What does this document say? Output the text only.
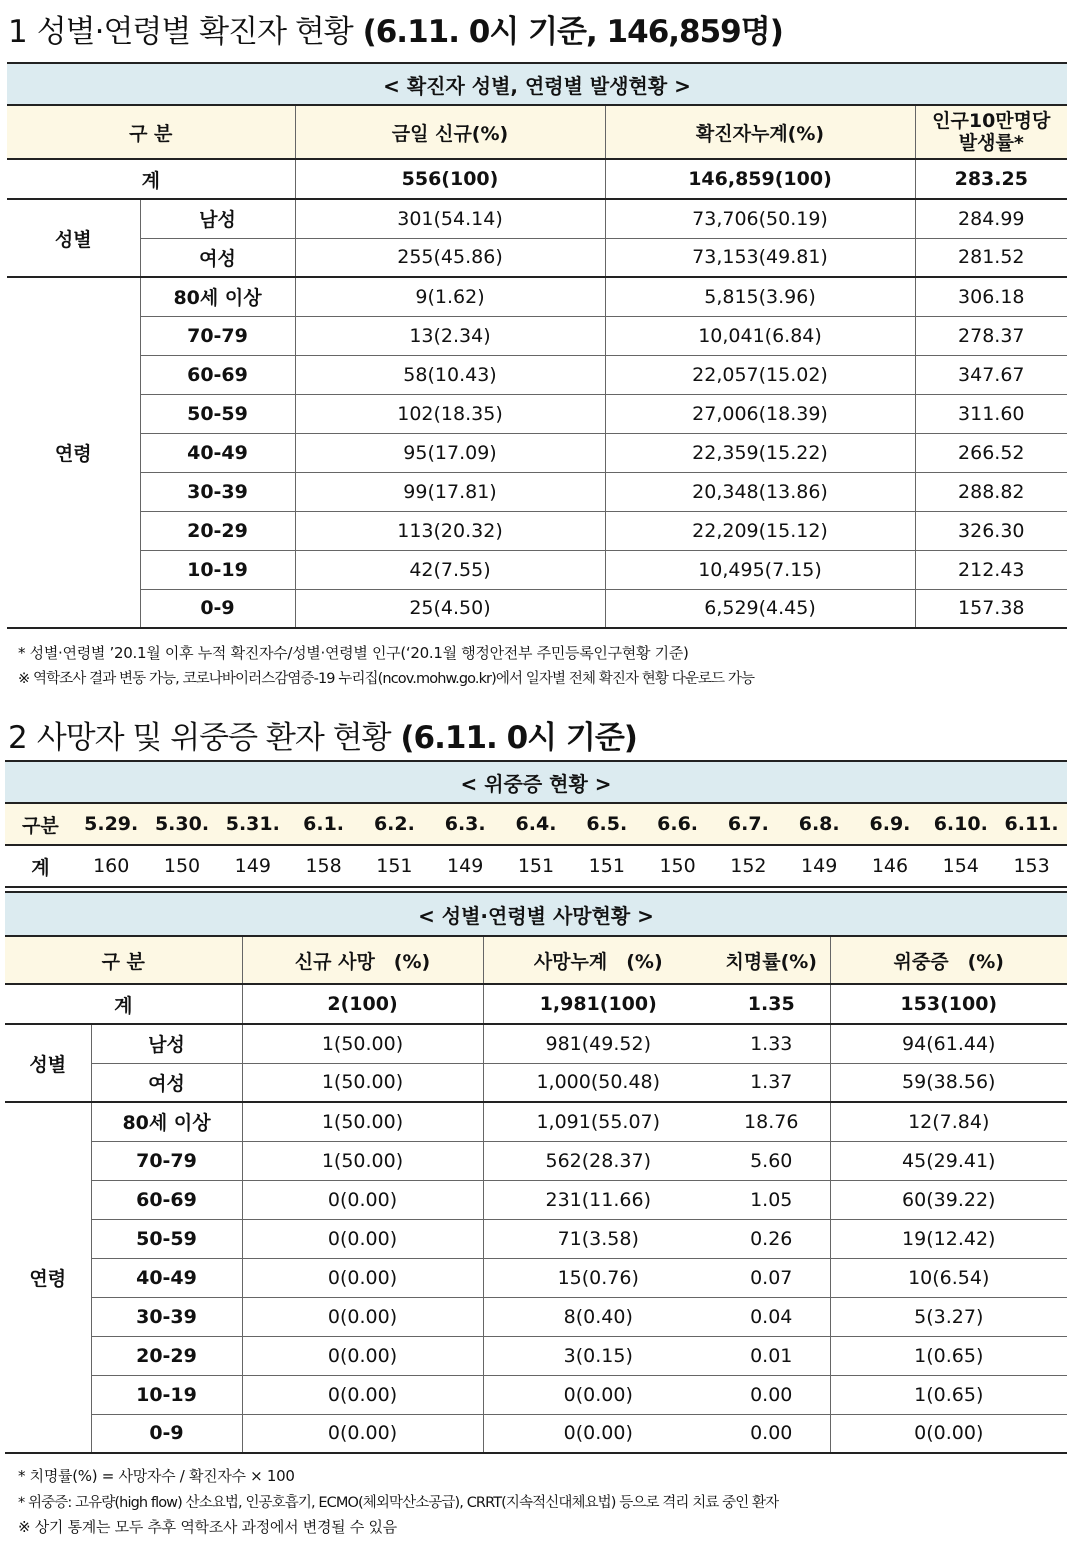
1 성별·연령별 확진자 현황 (6.11. 0시 기준, 146,859명)
< 확진자 성별, 연령별 발생현황 >				
구 분		금일 신규(%)	확진자누계(%)	인구10만명당
발생률*

계		556(100)	146,859(100)	283.25
성별	남성	301(54.14)	73,706(50.19)	284.99
	여성	255(45.86)	73,153(49.81)	281.52
연령	80세 이상	9(1.62)	5,815(3.96)	306.18
	70-79	13(2.34)	10,041(6.84)	278.37
	60-69	58(10.43)	22,057(15.02)	347.67
	50-59	102(18.35)	27,006(18.39)	311.60
	40-49	95(17.09)	22,359(15.22)	266.52
	30-39	99(17.81)	20,348(13.86)	288.82
	20-29	113(20.32)	22,209(15.12)	326.30
	10-19	42(7.55)	10,495(7.15)	212.43
	0-9	25(4.50)	6,529(4.45)	157.38
* 성별·연령별 ’20.1월 이후 누적 확진자수/성별·연령별 인구(‘20.1월 행정안전부 주민등록인구현황 기준)
※ 역학조사 결과 변동 가능, 코로나바이러스감염증-19 누리집(ncov.mohw.go.kr)에서 일자별 전체 확진자 현황 다운로드 가능
2 사망자 및 위중증 환자 현황 (6.11. 0시 기준)
< 위중증 현황 >														
구분	5.29.	5.30.	5.31.	6.1.	6.2.	6.3.	6.4.	6.5.	6.6.	6.7.	6.8.	6.9.	6.10.	6.11.
계	160	150	149	158	151	149	151	151	150	152	149	146	154	153
< 성별·연령별 사망현황 >					
구 분		신규 사망　(%)	사망누계　(%)	치명률(%)	위중증　(%)
계		2(100)	1,981(100)	1.35	153(100)
성별	남성	1(50.00)	981(49.52)	1.33	94(61.44)
	여성	1(50.00)	1,000(50.48)	1.37	59(38.56)
연령	80세 이상	1(50.00)	1,091(55.07)	18.76	12(7.84)
	70-79	1(50.00)	562(28.37)	5.60	45(29.41)
	60-69	0(0.00)	231(11.66)	1.05	60(39.22)
	50-59	0(0.00)	71(3.58)	0.26	19(12.42)
	40-49	0(0.00)	15(0.76)	0.07	10(6.54)
	30-39	0(0.00)	8(0.40)	0.04	5(3.27)
	20-29	0(0.00)	3(0.15)	0.01	1(0.65)
	10-19	0(0.00)	0(0.00)	0.00	1(0.65)
	0-9	0(0.00)	0(0.00)	0.00	0(0.00)
* 치명률(%) = 사망자수 / 확진자수 × 100
* 위중증: 고유량(high flow) 산소요법, 인공호흡기, ECMO(체외막산소공급), CRRT(지속적신대체요법) 등으로 격리 치료 중인 환자
※ 상기 통계는 모두 추후 역학조사 과정에서 변경될 수 있음
